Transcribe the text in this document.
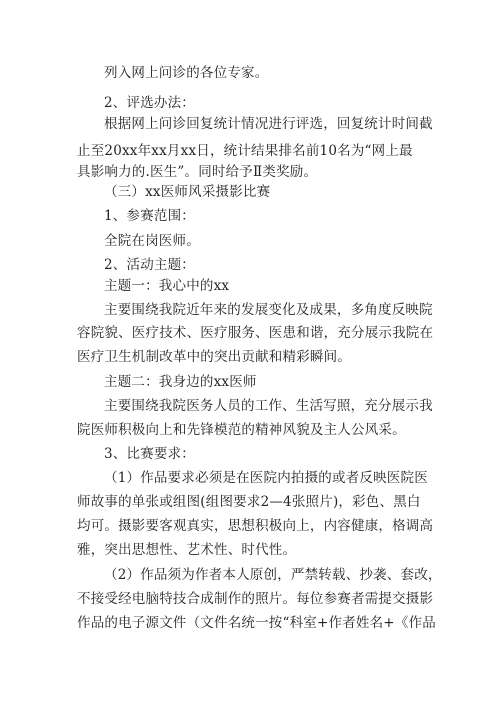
列入网上问诊的各位专家。
2、评选办法：
根据网上问诊回复统计情况进行评选，回复统计时间截
止至20xx年xx月xx日，统计结果排名前10名为“网上最
具影响力的.医生”。同时给予Ⅱ类奖励。
（三）xx医师风采摄影比赛
1、参赛范围：
全院在岗医师。
2、活动主题：
主题一：我心中的xx
主要围绕我院近年来的发展变化及成果，多角度反映院
容院貌、医疗技术、医疗服务、医患和谐，充分展示我院在
医疗卫生机制改革中的突出贡献和精彩瞬间。
主题二：我身边的xx医师
主要围绕我院医务人员的工作、生活写照，充分展示我
院医师积极向上和先锋模范的精神风貌及主人公风采。
3、比赛要求：
（1）作品要求必须是在医院内拍摄的或者反映医院医
师故事的单张或组图(组图要求2—4张照片)，彩色、黑白
均可。摄影要客观真实，思想积极向上，内容健康，格调高
雅，突出思想性、艺术性、时代性。
（2）作品须为作者本人原创，严禁转载、抄袭、套改，
不接受经电脑特技合成制作的照片。每位参赛者需提交摄影
作品的电子源文件（文件名统一按“科室+作者姓名+《作品
